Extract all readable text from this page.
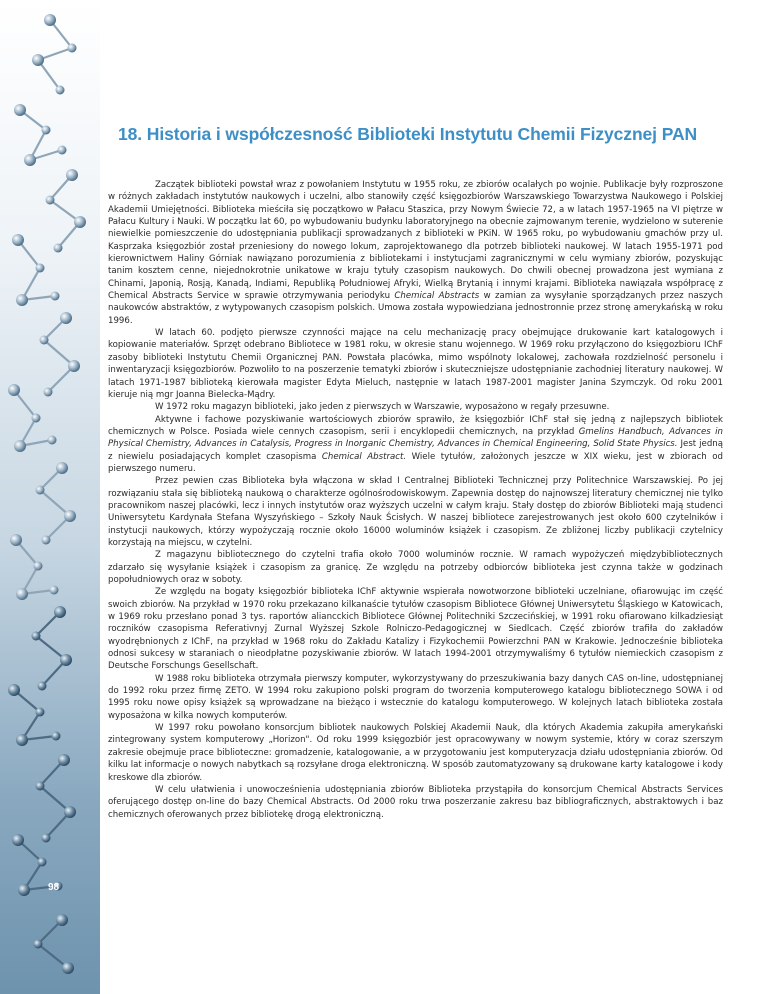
98
18. Historia i współczesność Biblioteki Instytutu Chemii Fizycznej PAN

Zaczątek biblioteki powstał wraz z powołaniem Instytutu w 1955 roku, ze zbiorów ocalałych po wojnie. Publikacje były rozproszone w różnych zakładach instytutów naukowych i uczelni, albo stanowiły część księgozbiorów Warszawskiego Towarzystwa Naukowego i Polskiej Akademii Umiejętności. Biblioteka mieściła się początkowo w Pałacu Staszica, przy Nowym Świecie 72, a w latach 1957-1965 na VI piętrze w Pałacu Kultury i Nauki. W początku lat 60, po wybudowaniu budynku laboratoryjnego na obecnie zajmowanym terenie, wydzielono w suterenie niewielkie pomieszczenie do udostępniania publikacji sprowadzanych z biblioteki w PKiN. W 1965 roku, po wybudowaniu gmachów przy ul. Kasprzaka księgozbiór został przeniesiony do nowego lokum, zaprojektowanego dla potrzeb biblioteki naukowej. W latach 1955-1971 pod kierownictwem Haliny Górniak nawiązano porozumienia z bibliotekami i instytucjami zagranicznymi w celu wymiany zbiorów, pozyskując tanim kosztem cenne, niejednokrotnie unikatowe w kraju tytuły czasopism naukowych. Do chwili obecnej prowadzona jest wymiana z Chinami, Japonią, Rosją, Kanadą, Indiami, Republiką Południowej Afryki, Wielką Brytanią i innymi krajami. Biblioteka nawiązała współpracę z Chemical Abstracts Service w sprawie otrzymywania periodyku Chemical Abstracts w zamian za wysyłanie sporządzanych przez naszych naukowców abstraktów, z wytypowanych czasopism polskich. Umowa została wypowiedziana jednostronnie przez stronę amerykańską w roku 1996.

W latach 60. podjęto pierwsze czynności mające na celu mechanizację pracy obejmujące drukowanie kart katalogowych i kopiowanie materiałów. Sprzęt odebrano Bibliotece w 1981 roku, w okresie stanu wojennego. W 1969 roku przyłączono do księgozbioru IChF zasoby biblioteki Instytutu Chemii Organicznej PAN. Powstała placówka, mimo wspólnoty lokalowej, zachowała rozdzielność personelu i inwentaryzacji księgozbiorów. Pozwoliło to na poszerzenie tematyki zbiorów i skuteczniejsze udostępnianie zachodniej literatury naukowej. W latach 1971-1987 biblioteką kierowała magister Edyta Mieluch, następnie w latach 1987-2001 magister Janina Szymczyk. Od roku 2001 kieruje nią mgr Joanna Bielecka-Mądry.

W 1972 roku magazyn biblioteki, jako jeden z pierwszych w Warszawie, wyposażono w regały przesuwne.

Aktywne i fachowe pozyskiwanie wartościowych zbiorów sprawiło, że księgozbiór IChF stał się jedną z najlepszych bibliotek chemicznych w Polsce. Posiada wiele cennych czasopism, serii i encyklopedii chemicznych, na przykład Gmelins Handbuch, Advances in Physical Chemistry, Advances in Catalysis, Progress in Inorganic Chemistry, Advances in Chemical Engineering, Solid State Physics. Jest jedną z niewielu posiadających komplet czasopisma Chemical Abstract. Wiele tytułów, założonych jeszcze w XIX wieku, jest w zbiorach od pierwszego numeru.

Przez pewien czas Biblioteka była włączona w skład I Centralnej Biblioteki Technicznej przy Politechnice Warszawskiej. Po jej rozwiązaniu stała się biblioteką naukową o charakterze ogólnośrodowiskowym. Zapewnia dostęp do najnowszej literatury chemicznej nie tylko pracownikom naszej placówki, lecz i innych instytutów oraz wyższych uczelni w całym kraju. Stały dostęp do zbiorów Biblioteki mają studenci Uniwersytetu Kardynała Stefana Wyszyńskiego – Szkoły Nauk Ścisłych. W naszej bibliotece zarejestrowanych jest około 600 czytelników i instytucji naukowych, którzy wypożyczają rocznie około 16000 woluminów książek i czasopism. Ze zbliżonej liczby publikacji czytelnicy korzystają na miejscu, w czytelni.

Z magazynu bibliotecznego do czytelni trafia około 7000 woluminów rocznie. W ramach wypożyczeń międzybibliotecznych zdarzało się wysyłanie książek i czasopism za granicę. Ze względu na potrzeby odbiorców biblioteka jest czynna także w godzinach popołudniowych oraz w soboty.

Ze względu na bogaty księgozbiór biblioteka IChF aktywnie wspierała nowotworzone biblioteki uczelniane, ofiarowując im część swoich zbiorów. Na przykład w 1970 roku przekazano kilkanaście tytułów czasopism Bibliotece Głównej Uniwersytetu Śląskiego w Katowicach, w 1969 roku przesłano ponad 3 tys. raportów aliancckich Bibliotece Głównej Politechniki Szczecińskiej, w 1991 roku ofiarowano kilkadziesiąt roczników czasopisma Referativnyj Zurnal Wyższej Szkole Rolniczo-Pedagogicznej w Siedlcach. Część zbiorów trafiła do zakładów wyodrębnionych z IChF, na przykład w 1968 roku do Zakładu Katalizy i Fizykochemii Powierzchni PAN w Krakowie. Jednocześnie biblioteka odnosi sukcesy w staraniach o nieodpłatne pozyskiwanie zbiorów. W latach 1994-2001 otrzymywaliśmy 6 tytułów niemieckich czasopism z Deutsche Forschungs Gesellschaft.

W 1988 roku biblioteka otrzymała pierwszy komputer, wykorzystywany do przeszukiwania bazy danych CAS on-line, udostępnianej do 1992 roku przez firmę ZETO. W 1994 roku zakupiono polski program do tworzenia komputerowego katalogu bibliotecznego SOWA i od 1995 roku nowe opisy książek są wprowadzane na bieżąco i wstecznie do katalogu komputerowego. W kolejnych latach biblioteka została wyposażona w kilka nowych komputerów.

W 1997 roku powołano konsorcjum bibliotek naukowych Polskiej Akademii Nauk, dla których Akademia zakupiła amerykański zintegrowany system komputerowy „Horizon". Od roku 1999 księgozbiór jest opracowywany w nowym systemie, który w coraz szerszym zakresie obejmuje prace biblioteczne: gromadzenie, katalogowanie, a w przygotowaniu jest komputeryzacja działu udostępniania zbiorów. Od kilku lat informacje o nowych nabytkach są rozsyłane droga elektroniczną. W sposób zautomatyzowany są drukowane karty katalogowe i kody kreskowe dla zbiorów.

W celu ułatwienia i unowocześnienia udostępniania zbiorów Biblioteka przystąpiła do konsorcjum Chemical Abstracts Services oferującego dostęp on-line do bazy Chemical Abstracts. Od 2000 roku trwa poszerzanie zakresu baz bibliograficznych, abstraktowych i baz chemicznych oferowanych przez bibliotekę drogą elektroniczną.
